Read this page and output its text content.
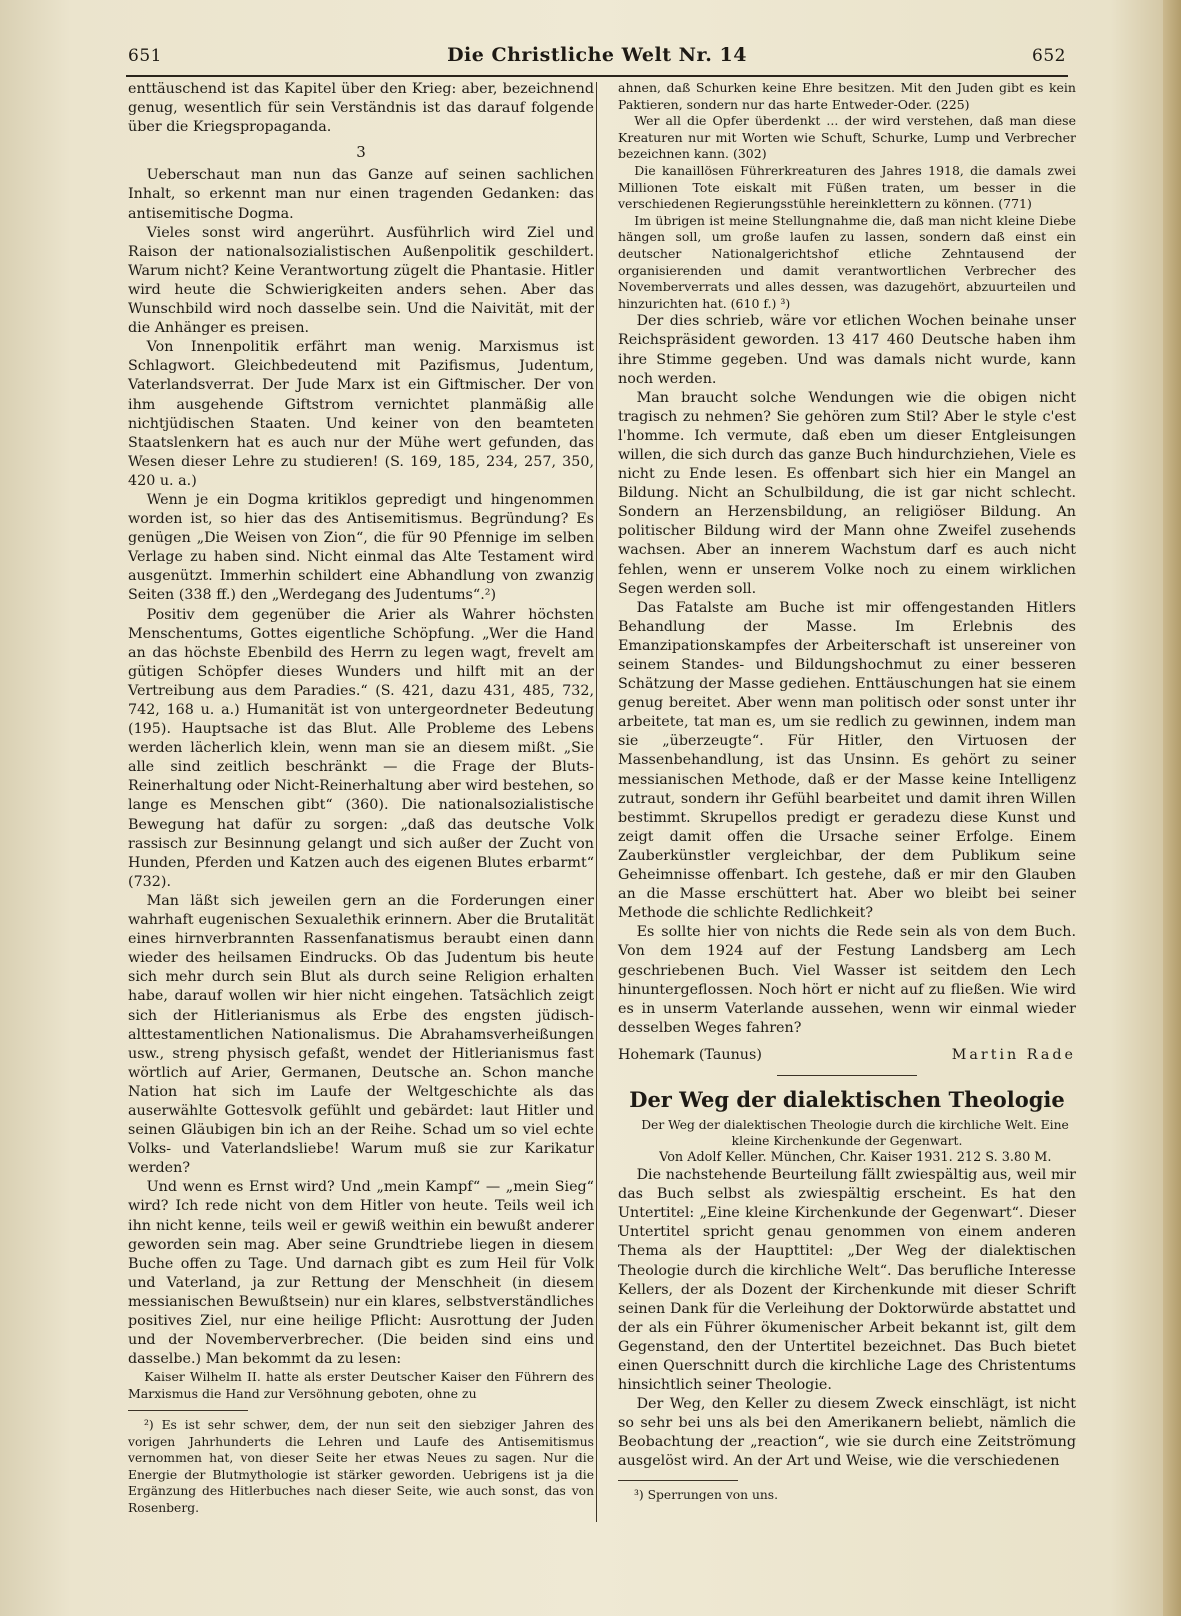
651	Die Christliche Welt Nr. 14	652

enttäuschend ist das Kapitel über den Krieg: aber, bezeichnend genug, wesentlich für sein Verständnis ist das darauf folgende über die Kriegspropaganda.

3

Ueberschaut man nun das Ganze auf seinen sachlichen Inhalt, so erkennt man nur einen tragenden Gedanken: das antisemitische Dogma.

Vieles sonst wird angerührt. Ausführlich wird Ziel und Raison der nationalsozialistischen Außenpolitik geschildert. Warum nicht? Keine Verantwortung zügelt die Phantasie. Hitler wird heute die Schwierigkeiten anders sehen. Aber das Wunschbild wird noch dasselbe sein. Und die Naivität, mit der die Anhänger es preisen.

Von Innenpolitik erfährt man wenig. Marxismus ist Schlagwort. Gleichbedeutend mit Pazifismus, Judentum, Vaterlandsverrat. Der Jude Marx ist ein Giftmischer. Der von ihm ausgehende Giftstrom vernichtet planmäßig alle nichtjüdischen Staaten. Und keiner von den beamteten Staatslenkern hat es auch nur der Mühe wert gefunden, das Wesen dieser Lehre zu studieren! (S. 169, 185, 234, 257, 350, 420 u. a.)

Wenn je ein Dogma kritiklos gepredigt und hingenommen worden ist, so hier das des Antisemitismus. Begründung? Es genügen „Die Weisen von Zion“, die für 90 Pfennige im selben Verlage zu haben sind. Nicht einmal das Alte Testament wird ausgenützt. Immerhin schildert eine Abhandlung von zwanzig Seiten (338 ff.) den „Werdegang des Judentums“.²)

Positiv dem gegenüber die Arier als Wahrer höchsten Menschentums, Gottes eigentliche Schöpfung. „Wer die Hand an das höchste Ebenbild des Herrn zu legen wagt, frevelt am gütigen Schöpfer dieses Wunders und hilft mit an der Vertreibung aus dem Paradies.“ (S. 421, dazu 431, 485, 732, 742, 168 u. a.) Humanität ist von untergeordneter Bedeutung (195). Hauptsache ist das Blut. Alle Probleme des Lebens werden lächerlich klein, wenn man sie an diesem mißt. „Sie alle sind zeitlich beschränkt — die Frage der Bluts-Reinerhaltung oder Nicht-Reinerhaltung aber wird bestehen, so lange es Menschen gibt“ (360). Die nationalsozialistische Bewegung hat dafür zu sorgen: „daß das deutsche Volk rassisch zur Besinnung gelangt und sich außer der Zucht von Hunden, Pferden und Katzen auch des eigenen Blutes erbarmt“ (732).

Man läßt sich jeweilen gern an die Forderungen einer wahrhaft eugenischen Sexualethik erinnern. Aber die Brutalität eines hirnverbrannten Rassenfanatismus beraubt einen dann wieder des heilsamen Eindrucks. Ob das Judentum bis heute sich mehr durch sein Blut als durch seine Religion erhalten habe, darauf wollen wir hier nicht eingehen. Tatsächlich zeigt sich der Hitlerianismus als Erbe des engsten jüdisch-alttestamentlichen Nationalismus. Die Abrahamsverheißungen usw., streng physisch gefaßt, wendet der Hitlerianismus fast wörtlich auf Arier, Germanen, Deutsche an. Schon manche Nation hat sich im Laufe der Weltgeschichte als das auserwählte Gottesvolk gefühlt und gebärdet: laut Hitler und seinen Gläubigen bin ich an der Reihe. Schad um so viel echte Volks- und Vaterlandsliebe! Warum muß sie zur Karikatur werden?

Und wenn es Ernst wird? Und „mein Kampf“ — „mein Sieg“ wird? Ich rede nicht von dem Hitler von heute. Teils weil ich ihn nicht kenne, teils weil er gewiß weithin ein bewußt anderer geworden sein mag. Aber seine Grundtriebe liegen in diesem Buche offen zu Tage. Und darnach gibt es zum Heil für Volk und Vaterland, ja zur Rettung der Menschheit (in diesem messianischen Bewußtsein) nur ein klares, selbstverständliches positives Ziel, nur eine heilige Pflicht: Ausrottung der Juden und der Novemberverbrecher. (Die beiden sind eins und dasselbe.) Man bekommt da zu lesen:

Kaiser Wilhelm II. hatte als erster Deutscher Kaiser den Führern des Marxismus die Hand zur Versöhnung geboten, ohne zu

²) Es ist sehr schwer, dem, der nun seit den siebziger Jahren des vorigen Jahrhunderts die Lehren und Laufe des Antisemitismus vernommen hat, von dieser Seite her etwas Neues zu sagen. Nur die Energie der Blutmythologie ist stärker geworden. Uebrigens ist ja die Ergänzung des Hitlerbuches nach dieser Seite, wie auch sonst, das von Rosenberg.

ahnen, daß Schurken keine Ehre besitzen. Mit den Juden gibt es kein Paktieren, sondern nur das harte Entweder-Oder. (225)

Wer all die Opfer überdenkt ... der wird verstehen, daß man diese Kreaturen nur mit Worten wie Schuft, Schurke, Lump und Verbrecher bezeichnen kann. (302)

Die kanaillösen Führerkreaturen des Jahres 1918, die damals zwei Millionen Tote eiskalt mit Füßen traten, um besser in die verschiedenen Regierungsstühle hereinklettern zu können. (771)

Im übrigen ist meine Stellungnahme die, daß man nicht kleine Diebe hängen soll, um große laufen zu lassen, sondern daß einst ein deutscher Nationalgerichtshof etliche Zehntausend der organisierenden und damit verantwortlichen Verbrecher des Novemberverrats und alles dessen, was dazugehört, abzuurteilen und hinzurichten hat. (610 f.) ³)

Der dies schrieb, wäre vor etlichen Wochen beinahe unser Reichspräsident geworden. 13 417 460 Deutsche haben ihm ihre Stimme gegeben. Und was damals nicht wurde, kann noch werden.

Man braucht solche Wendungen wie die obigen nicht tragisch zu nehmen? Sie gehören zum Stil? Aber le style c'est l'homme. Ich vermute, daß eben um dieser Entgleisungen willen, die sich durch das ganze Buch hindurchziehen, Viele es nicht zu Ende lesen. Es offenbart sich hier ein Mangel an Bildung. Nicht an Schulbildung, die ist gar nicht schlecht. Sondern an Herzensbildung, an religiöser Bildung. An politischer Bildung wird der Mann ohne Zweifel zusehends wachsen. Aber an innerem Wachstum darf es auch nicht fehlen, wenn er unserem Volke noch zu einem wirklichen Segen werden soll.

Das Fatalste am Buche ist mir offengestanden Hitlers Behandlung der Masse. Im Erlebnis des Emanzipationskampfes der Arbeiterschaft ist unsereiner von seinem Standes- und Bildungshochmut zu einer besseren Schätzung der Masse gediehen. Enttäuschungen hat sie einem genug bereitet. Aber wenn man politisch oder sonst unter ihr arbeitete, tat man es, um sie redlich zu gewinnen, indem man sie „überzeugte“. Für Hitler, den Virtuosen der Massenbehandlung, ist das Unsinn. Es gehört zu seiner messianischen Methode, daß er der Masse keine Intelligenz zutraut, sondern ihr Gefühl bearbeitet und damit ihren Willen bestimmt. Skrupellos predigt er geradezu diese Kunst und zeigt damit offen die Ursache seiner Erfolge. Einem Zauberkünstler vergleichbar, der dem Publikum seine Geheimnisse offenbart. Ich gestehe, daß er mir den Glauben an die Masse erschüttert hat. Aber wo bleibt bei seiner Methode die schlichte Redlichkeit?

Es sollte hier von nichts die Rede sein als von dem Buch. Von dem 1924 auf der Festung Landsberg am Lech geschriebenen Buch. Viel Wasser ist seitdem den Lech hinuntergeflossen. Noch hört er nicht auf zu fließen. Wie wird es in unserm Vaterlande aussehen, wenn wir einmal wieder desselben Weges fahren?

Hohemark (Taunus)	Martin Rade
Der Weg der dialektischen Theologie

Der Weg der dialektischen Theologie durch die kirchliche Welt. Eine kleine Kirchenkunde der Gegenwart.

Von Adolf Keller. München, Chr. Kaiser 1931. 212 S. 3.80 M.

Die nachstehende Beurteilung fällt zwiespältig aus, weil mir das Buch selbst als zwiespältig erscheint. Es hat den Untertitel: „Eine kleine Kirchenkunde der Gegenwart“. Dieser Untertitel spricht genau genommen von einem anderen Thema als der Haupttitel: „Der Weg der dialektischen Theologie durch die kirchliche Welt“. Das berufliche Interesse Kellers, der als Dozent der Kirchenkunde mit dieser Schrift seinen Dank für die Verleihung der Doktorwürde abstattet und der als ein Führer ökumenischer Arbeit bekannt ist, gilt dem Gegenstand, den der Untertitel bezeichnet. Das Buch bietet einen Querschnitt durch die kirchliche Lage des Christentums hinsichtlich seiner Theologie.

Der Weg, den Keller zu diesem Zweck einschlägt, ist nicht so sehr bei uns als bei den Amerikanern beliebt, nämlich die Beobachtung der „reaction“, wie sie durch eine Zeitströmung ausgelöst wird. An der Art und Weise, wie die verschiedenen

³) Sperrungen von uns.
